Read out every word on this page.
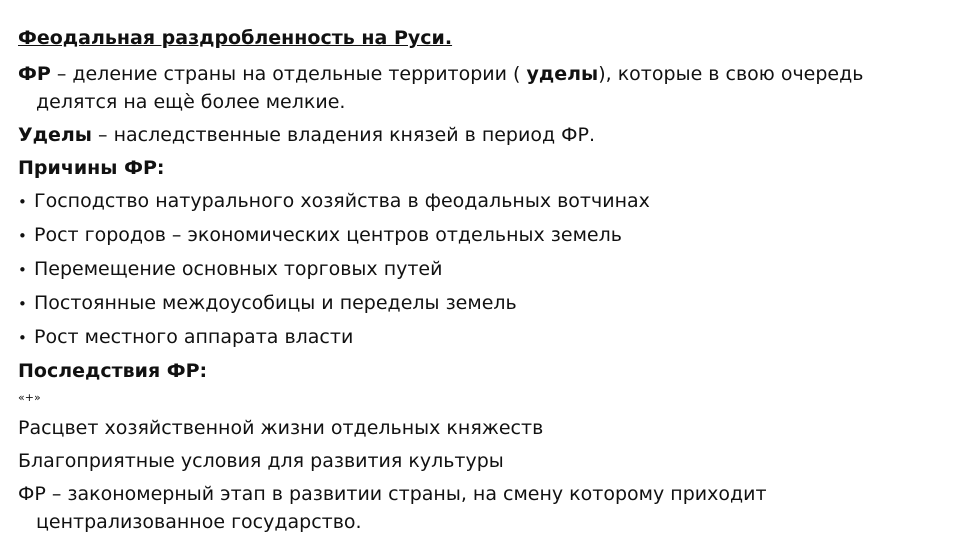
Феодальная раздробленность на Руси.
ФР – деление страны на отдельные территории ( уделы), которые в свою очередь делятся на ещѐ более мелкие.
Уделы – наследственные владения князей в период ФР.
Причины ФР:
• Господство натурального хозяйства в феодальных вотчинах
• Рост городов – экономических центров отдельных земель
• Перемещение основных торговых путей
• Постоянные междоусобицы и переделы земель
• Рост местного аппарата власти
Последствия ФР:
«+»
Расцвет хозяйственной жизни отдельных княжеств
Благоприятные условия для развития культуры
ФР – закономерный этап в развитии страны, на смену которому приходит централизованное государство.
